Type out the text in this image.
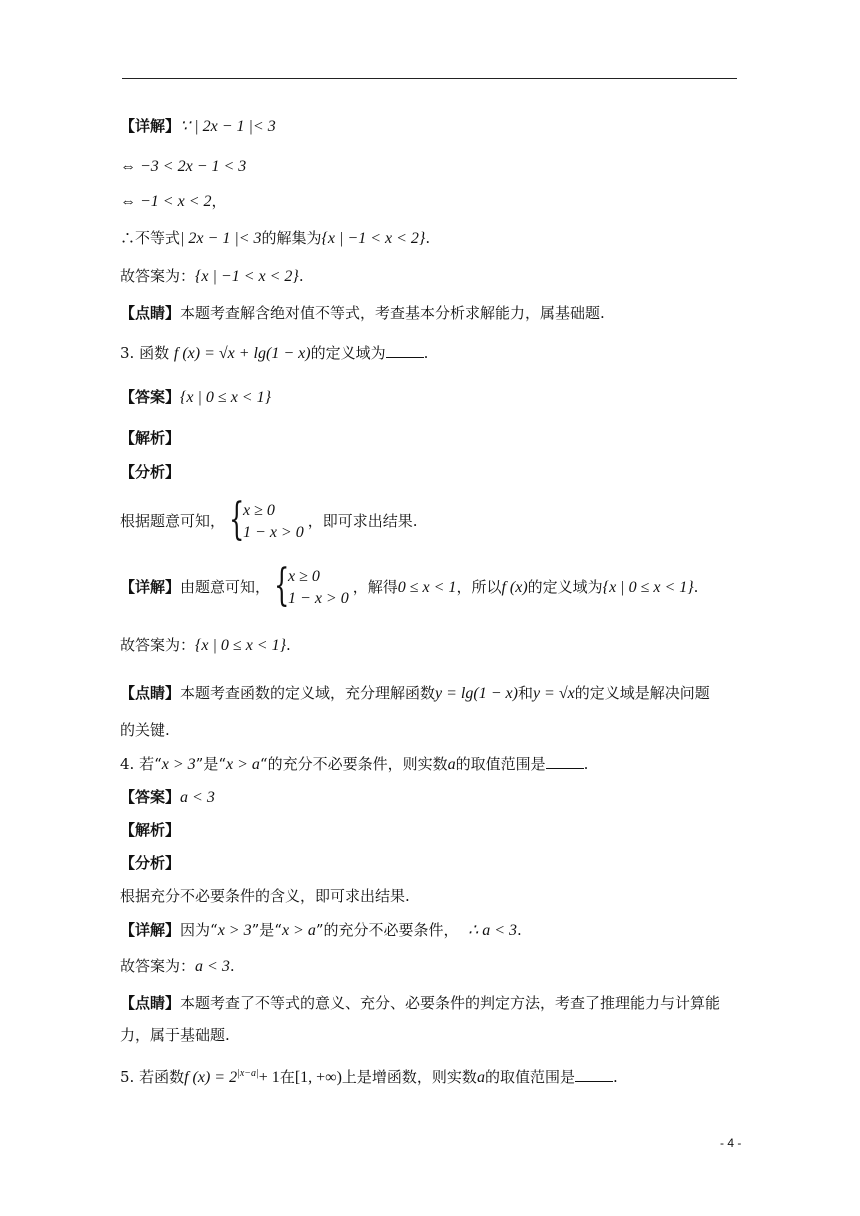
【详解】∵ | 2x − 1 |< 3
⇔ −3 < 2x − 1 < 3
⇔ −1 < x < 2，
∴不等式| 2x − 1 |< 3的解集为{x | −1 < x < 2}.
故答案为：{x | −1 < x < 2}.
【点睛】本题考查解含绝对值不等式，考查基本分析求解能力，属基础题.
3. 函数 f (x) = √x + lg(1 − x)的定义域为	.
【答案】{x | 0 ≤ x < 1}
【解析】
【分析】
根据题意可知， {
x ≥ 0
1 − x > 0
，即可求出结果.
【详解】由题意可知， {
x ≥ 0
1 − x > 0
，解得0 ≤ x < 1，所以f (x)的定义域为{x | 0 ≤ x < 1}.
故答案为：{x | 0 ≤ x < 1}.
【点睛】本题考查函数的定义域，充分理解函数y = lg(1 − x)和y = √x的定义域是解决问题
的关键.
4. 若“x > 3”是“x > a“的充分不必要条件，则实数a的取值范围是	.
【答案】a < 3
【解析】
【分析】
根据充分不必要条件的含义，即可求出结果.
【详解】因为“x > 3”是“x > a”的充分不必要条件， ∴ a < 3.
故答案为：a < 3.
【点睛】本题考查了不等式的意义、充分、必要条件的判定方法，考查了推理能力与计算能
力，属于基础题.
5. 若函数f $(x) = 2^{|x-a|}+ 1$在[1, +∞)上是增函数，则实数a的取值范围是	.
- 4 -
